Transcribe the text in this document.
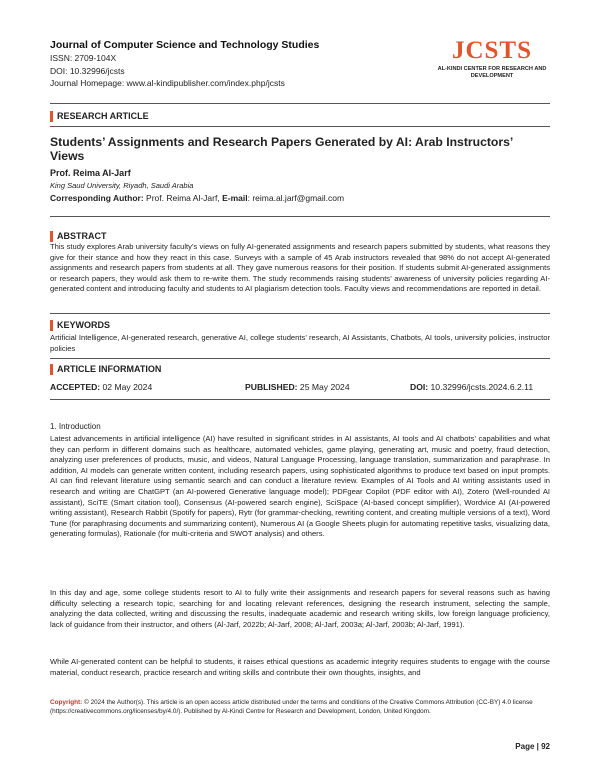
Journal of Computer Science and Technology Studies
ISSN: 2709-104X
DOI: 10.32996/jcsts
Journal Homepage: www.al-kindipublisher.com/index.php/jcsts
JCSTS
AL-KINDI CENTER FOR RESEARCH AND DEVELOPMENT
RESEARCH ARTICLE
Students’ Assignments and Research Papers Generated by AI: Arab Instructors’ Views
Prof. Reima Al-Jarf
King Saud University, Riyadh, Saudi Arabia
Corresponding Author: Prof. Reima Al-Jarf, E-mail: reima.al.jarf@gmail.com
ABSTRACT
This study explores Arab university faculty’s views on fully AI-generated assignments and research papers submitted by students, what reasons they give for their stance and how they react in this case. Surveys with a sample of 45 Arab instructors revealed that 98% do not accept AI-generated assignments and research papers from students at all. They gave numerous reasons for their position. If students submit AI-generated assignments or research papers, they would ask them to re-write them. The study recommends raising students’ awareness of university policies regarding AI-generated content and introducing faculty and students to AI plagiarism detection tools. Faculty views and recommendations are reported in detail.
KEYWORDS
Artificial Intelligence, AI-generated research, generative AI, college students’ research, AI Assistants, Chatbots, AI tools, university policies, instructor policies
ARTICLE INFORMATION
ACCEPTED: 02 May 2024	PUBLISHED: 25 May 2024	DOI: 10.32996/jcsts.2024.6.2.11
1. Introduction
Latest advancements in artificial intelligence (AI) have resulted in significant strides in AI assistants, AI tools and AI chatbots’ capabilities and what they can perform in different domains such as healthcare, automated vehicles, game playing, generating art, music and poetry, fraud detection, analyzing user preferences of products, music, and videos, Natural Language Processing, language translation, summarization and paraphrase. In addition, AI models can generate written content, including research papers, using sophisticated algorithms to produce text based on input prompts. AI can find relevant literature using semantic search and can conduct a literature review. Examples of AI Tools and AI writing assistants used in research and writing are ChatGPT (an AI-powered Generative language model); PDFgear Copilot (PDF editor with AI), Zotero (Well-rounded AI assistant), SciTE (Smart citation tool), Consensus (AI-powered search engine), SciSpace (AI-based concept simplifier), Wordvice AI (AI-powered writing assistant), Research Rabbit (Spotify for papers), Rytr (for grammar-checking, rewriting content, and creating multiple versions of a text), Word Tune (for paraphrasing documents and summarizing content), Numerous AI (a Google Sheets plugin for automating repetitive tasks, visualizing data, generating formulas), Rationale (for multi-criteria and SWOT analysis) and others.
In this day and age, some college students resort to AI to fully write their assignments and research papers for several reasons such as having difficulty selecting a research topic, searching for and locating relevant references, designing the research instrument, selecting the sample, analyzing the data collected, writing and discussing the results, inadequate academic and research writing skills, low foreign language proficiency, lack of guidance from their instructor, and others (Al-Jarf, 2022b; Al-Jarf, 2008; Al-Jarf, 2003a; Al-Jarf, 2003b; Al-Jarf, 1991).
While AI-generated content can be helpful to students, it raises ethical questions as academic integrity requires students to engage with the course material, conduct research, practice research and writing skills and contribute their own thoughts, insights, and
Copyright: © 2024 the Author(s). This article is an open access article distributed under the terms and conditions of the Creative Commons Attribution (CC-BY) 4.0 license (https://creativecommons.org/licenses/by/4.0/). Published by Al-Kindi Centre for Research and Development, London, United Kingdom.
Page | 92
